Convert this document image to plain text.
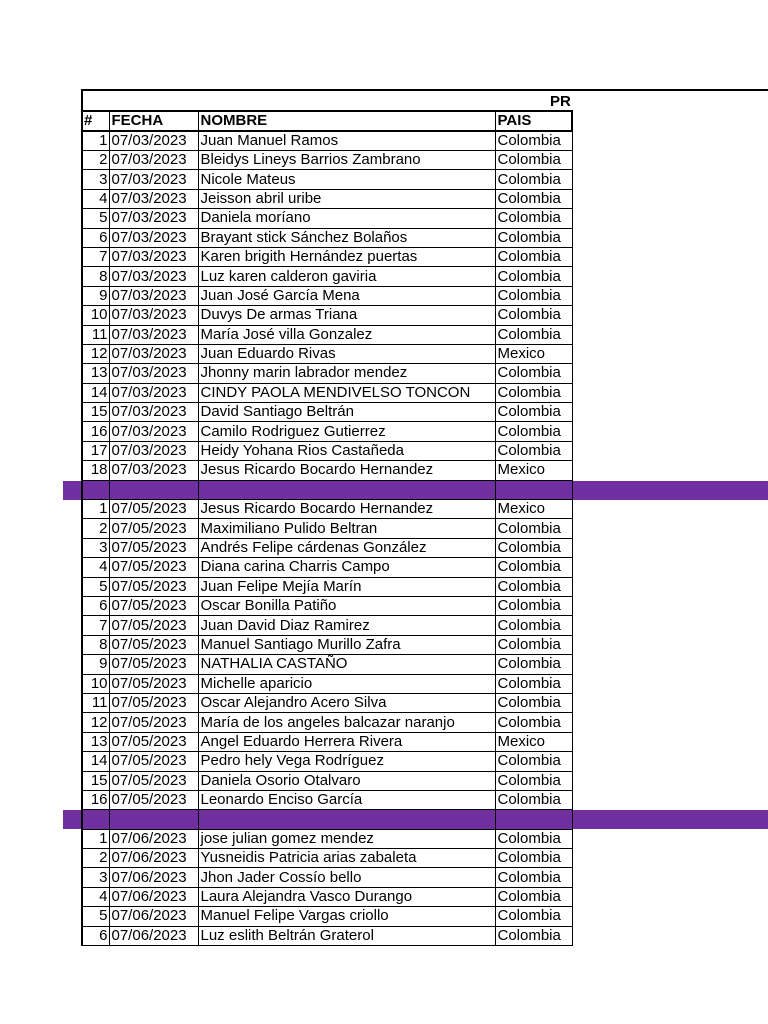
PR
#	FECHA	NOMBRE	PAIS
1	07/03/2023	Juan Manuel Ramos	Colombia
2	07/03/2023	Bleidys Lineys Barrios Zambrano	Colombia
3	07/03/2023	Nicole Mateus	Colombia
4	07/03/2023	Jeisson abril uribe	Colombia
5	07/03/2023	Daniela moríano	Colombia
6	07/03/2023	Brayant stick Sánchez Bolaños	Colombia
7	07/03/2023	Karen brigith Hernández puertas	Colombia
8	07/03/2023	Luz karen calderon gaviria	Colombia
9	07/03/2023	Juan José García Mena	Colombia
10	07/03/2023	Duvys De armas Triana	Colombia
11	07/03/2023	María José villa Gonzalez	Colombia
12	07/03/2023	Juan Eduardo Rivas	Mexico
13	07/03/2023	Jhonny marin labrador mendez	Colombia
14	07/03/2023	CINDY PAOLA MENDIVELSO TONCON	Colombia
15	07/03/2023	David Santiago Beltrán	Colombia
16	07/03/2023	Camilo Rodriguez Gutierrez	Colombia
17	07/03/2023	Heidy Yohana Rios Castañeda	Colombia
18	07/03/2023	Jesus Ricardo Bocardo Hernandez	Mexico

1	07/05/2023	Jesus Ricardo Bocardo Hernandez	Mexico
2	07/05/2023	Maximiliano Pulido Beltran	Colombia
3	07/05/2023	Andrés Felipe cárdenas González	Colombia
4	07/05/2023	Diana carina Charris Campo	Colombia
5	07/05/2023	Juan Felipe Mejía Marín	Colombia
6	07/05/2023	Oscar Bonilla Patiño	Colombia
7	07/05/2023	Juan David Diaz Ramirez	Colombia
8	07/05/2023	Manuel Santiago Murillo Zafra	Colombia
9	07/05/2023	NATHALIA CASTAÑO	Colombia
10	07/05/2023	Michelle aparicio	Colombia
11	07/05/2023	Oscar Alejandro Acero Silva	Colombia
12	07/05/2023	María de los angeles balcazar naranjo	Colombia
13	07/05/2023	Angel Eduardo Herrera Rivera	Mexico
14	07/05/2023	Pedro hely Vega Rodríguez	Colombia
15	07/05/2023	Daniela Osorio Otalvaro	Colombia
16	07/05/2023	Leonardo Enciso García	Colombia

1	07/06/2023	jose julian gomez mendez	Colombia
2	07/06/2023	Yusneidis Patricia arias zabaleta	Colombia
3	07/06/2023	Jhon Jader Cossío bello	Colombia
4	07/06/2023	Laura Alejandra Vasco Durango	Colombia
5	07/06/2023	Manuel Felipe Vargas criollo	Colombia
6	07/06/2023	Luz eslith Beltrán Graterol	Colombia
